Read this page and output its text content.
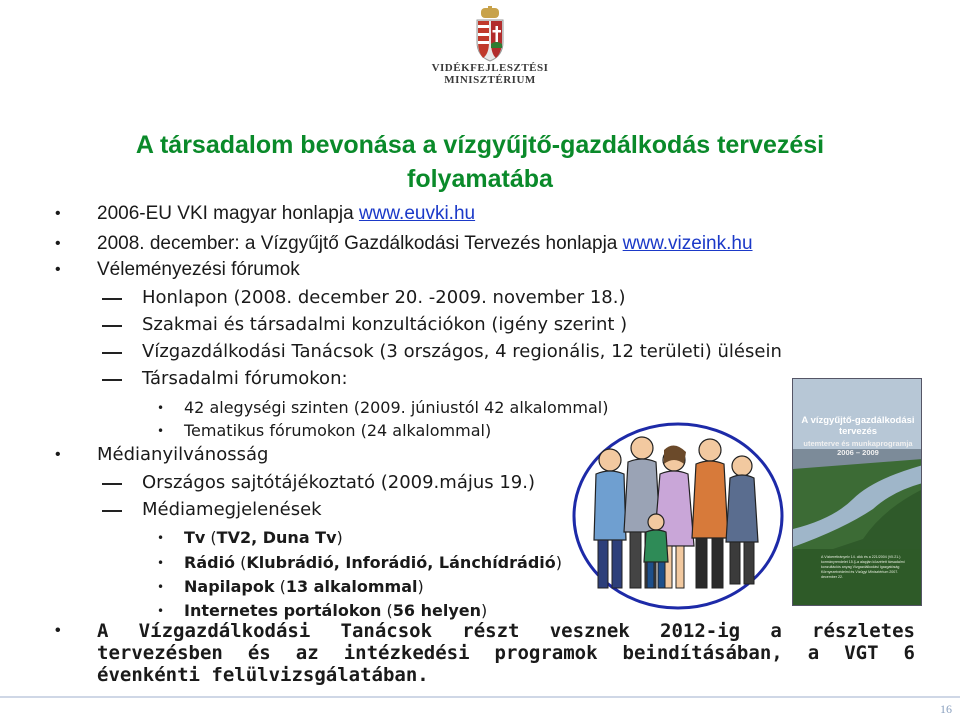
VIDÉKFEJLESZTÉSI
MINISZTÉRIUM
A társadalom bevonása a vízgyűjtő-gazdálkodás tervezési folyamatába
• 2006-EU VKI magyar honlapja www.euvki.hu
• 2008. december: a Vízgyűjtő Gazdálkodási Tervezés honlapja www.vizeink.hu
• Véleményezési fórumok
Honlapon (2008. december 20. -2009. november 18.)
Szakmai és társadalmi konzultációkon (igény szerint )
Vízgazdálkodási Tanácsok (3 országos, 4 regionális, 12 területi) ülésein
Társadalmi fórumokon:
• 42 alegységi szinten (2009. júniustól 42 alkalommal)
• Tematikus fórumokon (24 alkalommal)
• Médianyilvánosság
Országos sajtótájékoztató (2009.május 19.)
Médiamegjelenések
• Tv (TV2, Duna Tv)
• Rádió (Klubrádió, Inforádió, Lánchídrádió)
• Napilapok (13 alkalommal)
• Internetes portálokon (56 helyen)
• A Vízgazdálkodási Tanácsok részt vesznek 2012-ig a részletes tervezésben és az intézkedési programok beindításában, a VGT 6 évenkénti felülvizsgálatában.
A vízgyűjtő-gazdálkodási tervezés
utemterve és munkaprogramja
2006 – 2009
A Vízkeretirányelv 14. cikk és a 221/2004 (VII.21.) kormányrendelet 15.§-a alapján közzétett társadalmi konzultációs anyag Vízgazdálkodási Igazgatóság Környezetvédelmi és Vízügyi Minisztérium 2007. december 22.
16
